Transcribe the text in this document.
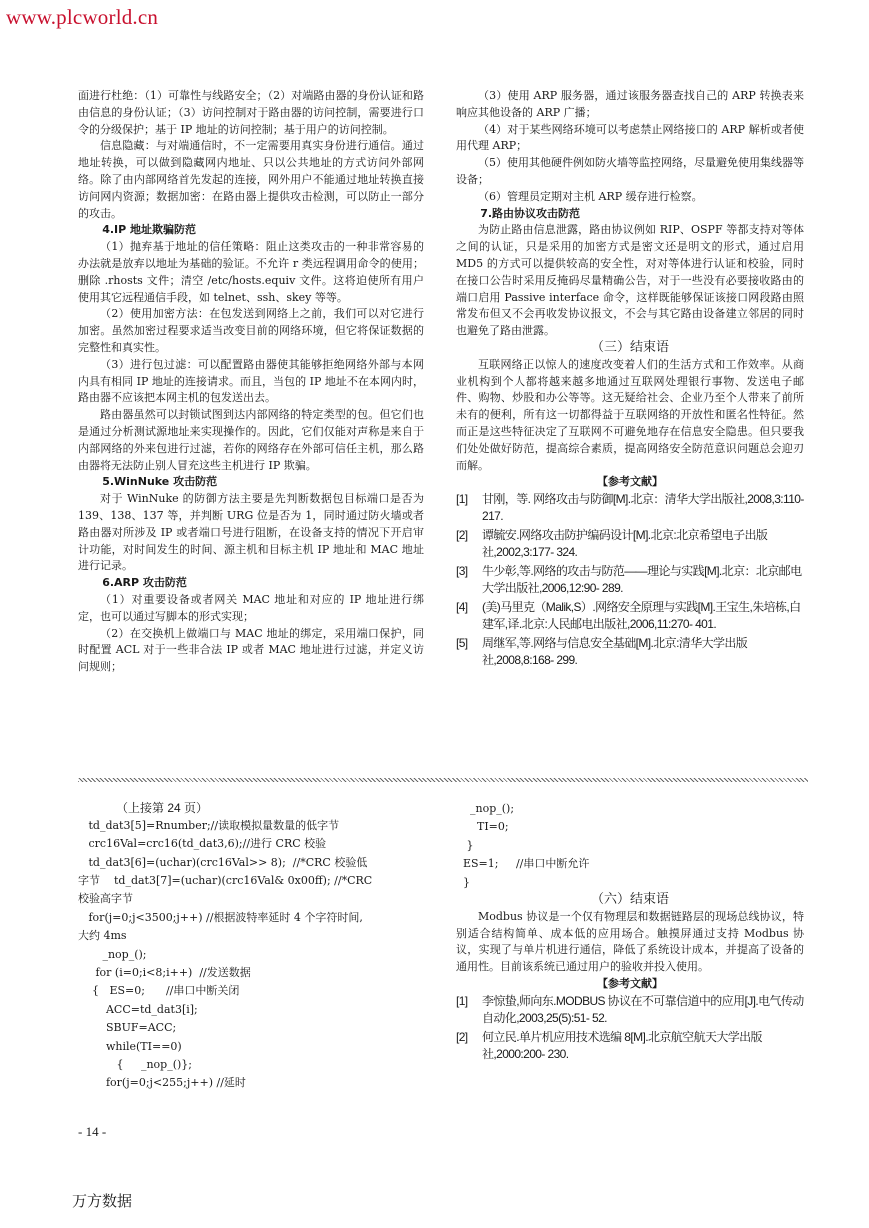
www.plcworld.cn

面进行杜绝：（1）可靠性与线路安全；（2）对端路由器的身份认证和路由信息的身份认证；（3）访问控制对于路由器的访问控制，需要进行口令的分级保护；基于 IP 地址的访问控制；基于用户的访问控制。

信息隐藏：与对端通信时，不一定需要用真实身份进行通信。通过地址转换，可以做到隐藏网内地址、只以公共地址的方式访问外部网络。除了由内部网络首先发起的连接，网外用户不能通过地址转换直接访问网内资源；数据加密：在路由器上提供攻击检测，可以防止一部分的攻击。

4.IP 地址欺骗防范

（1）抛弃基于地址的信任策略：阻止这类攻击的一种非常容易的办法就是放弃以地址为基础的验证。不允许 r 类远程调用命令的使用；删除 .rhosts 文件；清空 /etc/hosts.equiv 文件。这将迫使所有用户使用其它远程通信手段，如 telnet、ssh、skey 等等。

（2）使用加密方法：在包发送到网络上之前，我们可以对它进行加密。虽然加密过程要求适当改变目前的网络环境，但它将保证数据的完整性和真实性。

（3）进行包过滤：可以配置路由器使其能够拒绝网络外部与本网内具有相同 IP 地址的连接请求。而且，当包的 IP 地址不在本网内时，路由器不应该把本网主机的包发送出去。

路由器虽然可以封锁试图到达内部网络的特定类型的包。但它们也是通过分析测试源地址来实现操作的。因此，它们仅能对声称是来自于内部网络的外来包进行过滤，若你的网络存在外部可信任主机，那么路由器将无法防止别人冒充这些主机进行 IP 欺骗。

5.WinNuke 攻击防范

对于 WinNuke 的防御方法主要是先判断数据包目标端口是否为 139、138、137 等，并判断 URG 位是否为 1，同时通过防火墙或者路由器对所涉及 IP 或者端口号进行阻断，在设备支持的情况下开启审计功能，对时间发生的时间、源主机和目标主机 IP 地址和 MAC 地址进行记录。

6.ARP 攻击防范

（1）对重要设备或者网关 MAC 地址和对应的 IP 地址进行绑定，也可以通过写脚本的形式实现；

（2）在交换机上做端口与 MAC 地址的绑定，采用端口保护，同时配置 ACL 对于一些非合法 IP 或者 MAC 地址进行过滤，并定义访问规则；

（3）使用 ARP 服务器，通过该服务器查找自己的 ARP 转换表来响应其他设备的 ARP 广播；

（4）对于某些网络环境可以考虑禁止网络接口的 ARP 解析或者使用代理 ARP；

（5）使用其他硬件例如防火墙等监控网络，尽量避免使用集线器等设备；

（6）管理员定期对主机 ARP 缓存进行检察。

7.路由协议攻击防范

为防止路由信息泄露，路由协议例如 RIP、OSPF 等都支持对等体之间的认证，只是采用的加密方式是密文还是明文的形式，通过启用 MD5 的方式可以提供较高的安全性，对对等体进行认证和校验，同时在接口公告时采用反掩码尽量精确公告，对于一些没有必要接收路由的端口启用 Passive interface 命令，这样既能够保证该接口网段路由照常发布但又不会再收发协议报文，不会与其它路由设备建立邻居的同时也避免了路由泄露。

（三）结束语

互联网络正以惊人的速度改变着人们的生活方式和工作效率。从商业机构到个人都将越来越多地通过互联网处理银行事物、发送电子邮件、购物、炒股和办公等等。这无疑给社会、企业乃至个人带来了前所未有的便利，所有这一切都得益于互联网络的开放性和匿名性特征。然而正是这些特征决定了互联网不可避免地存在信息安全隐患。但只要我们处处做好防范，提高综合素质，提高网络安全防范意识问题总会迎刃而解。

【参考文献】

[1]	甘刚，等. 网络攻击与防御[M].北京：清华大学出版社,2008,3:110- 217.
[2]	谭毓安.网络攻击防护编码设计[M].北京:北京希望电子出版社,2002,3:177- 324.
[3]	牛少彰,等.网络的攻击与防范——理论与实践[M].北京：北京邮电大学出版社,2006,12:90- 289.
[4]	(美)马里克（Malik,S）.网络安全原理与实践[M].王宝生,朱培栋,白建军,译.北京:人民邮电出版社,2006,11:270- 401.
[5]	周继军,等.网络与信息安全基础[M].北京:清华大学出版社,2008,8:168- 299.
（上接第 24 页）
td_dat3[5]=Rnumber;//读取模拟量数量的低字节
crc16Val=crc16(td_dat3,6);//进行 CRC 校验
td_dat3[6]=(uchar)(crc16Val>> 8);  //*CRC 校验低
字节    td_dat3[7]=(uchar)(crc16Val& 0x00ff); //*CRC
校验高字节
for(j=0;j<3500;j++) //根据波特率延时 4 个字符时间,
大约 4ms
_nop_();
for (i=0;i<8;i++)  //发送数据
{   ES=0;      //串口中断关闭
ACC=td_dat3[i];
SBUF=ACC;
while(TI==0)
{     _nop_()};
for(j=0;j<255;j++) //延时
_nop_();
TI=0;
}
ES=1;     //串口中断允许
}

（六）结束语

Modbus 协议是一个仅有物理层和数据链路层的现场总线协议，特别适合结构简单、成本低的应用场合。触摸屏通过支持 Modbus 协议，实现了与单片机进行通信，降低了系统设计成本，并提高了设备的通用性。目前该系统已通过用户的验收并投入使用。

【参考文献】

[1]	李惊蛰,师向东.MODBUS 协议在不可靠信道中的应用[J].电气传动自动化,2003,25(5):51- 52.
[2]	何立民.单片机应用技术选编 8[M].北京航空航天大学出版社,2000:200- 230.
- 14 -
万方数据
